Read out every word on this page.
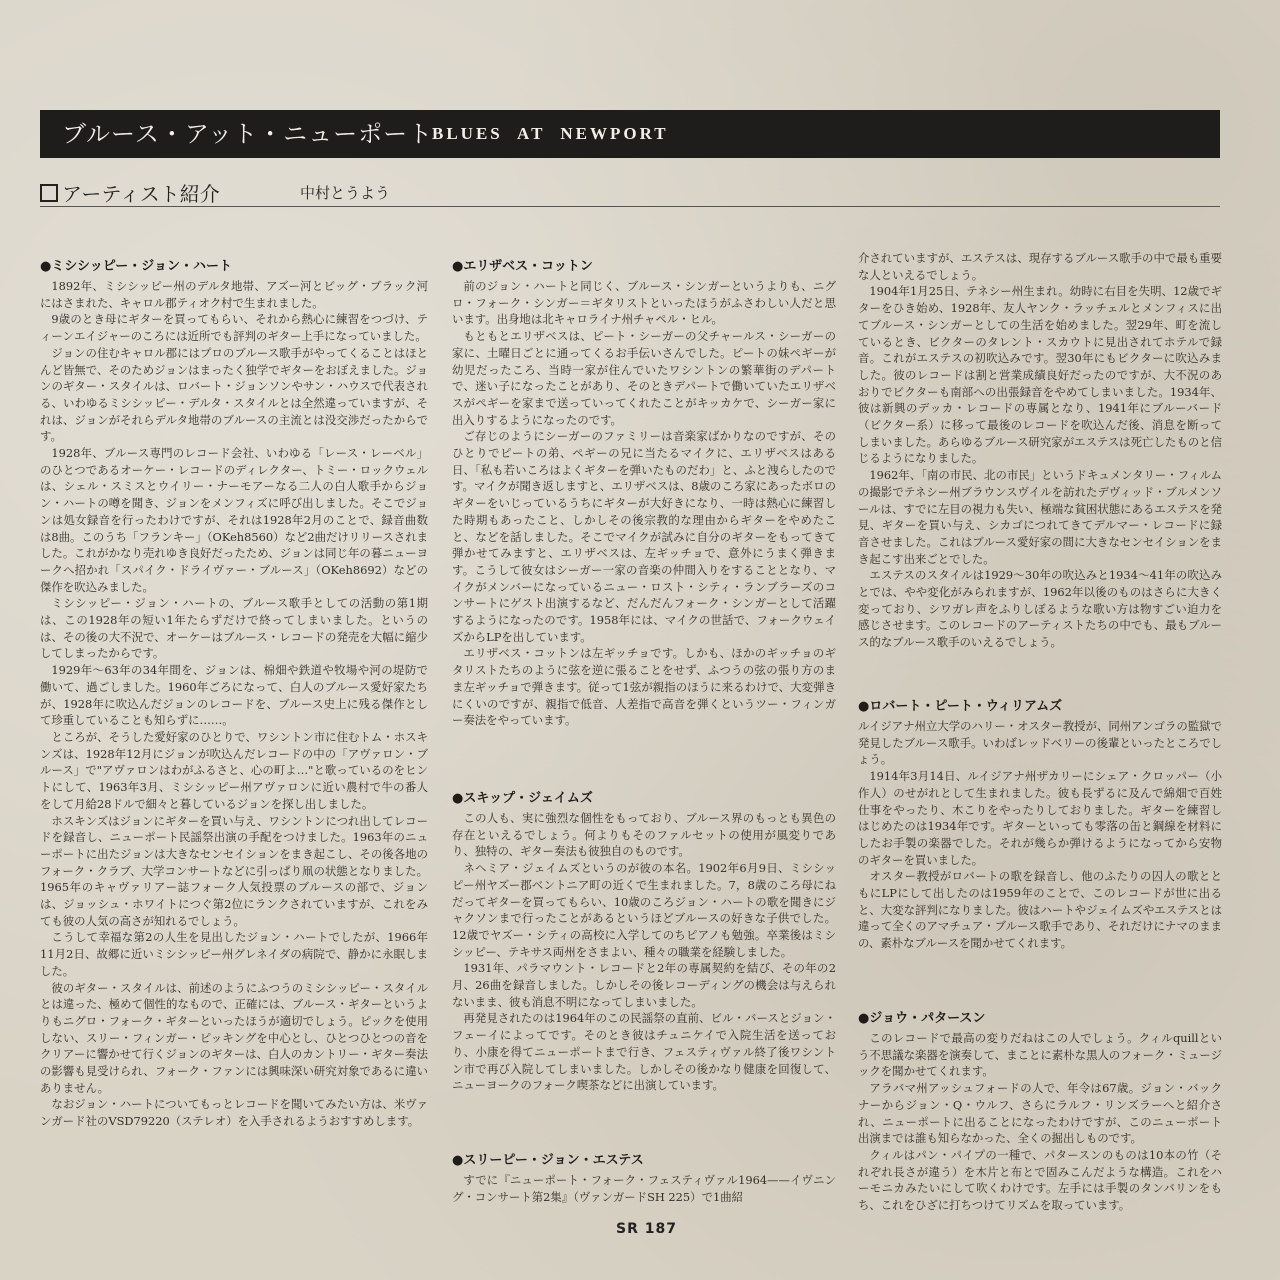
ブルース・アット・ニューポート
BLUES AT NEWPORT
アーティスト紹介	中村とうよう
●ミシシッピー・ジョン・ハート

1892年、ミシシッピー州のデルタ地帯、アズー河とビッグ・ブラック河にはさまれた、キャロル郡ティオク村で生まれました。

9歳のとき母にギターを買ってもらい、それから熱心に練習をつづけ、ティーンエイジャーのころには近所でも評判のギター上手になっていました。

ジョンの住むキャロル郡にはプロのブルース歌手がやってくることはほとんど皆無で、そのためジョンはまったく独学でギターをおぼえました。ジョンのギター・スタイルは、ロバート・ジョンソンやサン・ハウスで代表される、いわゆるミシシッピー・デルタ・スタイルとは全然違っていますが、それは、ジョンがそれらデルタ地帯のブルースの主流とは没交渉だったからです。

1928年、ブルース専門のレコード会社、いわゆる「レース・レーベル」のひとつであるオーケー・レコードのディレクター、トミー・ロックウェルは、シェル・スミスとウイリー・ナーモアーなる二人の白人歌手からジョン・ハートの噂を聞き、ジョンをメンフィズに呼び出しました。そこでジョンは処女録音を行ったわけですが、それは1928年2月のことで、録音曲数は8曲。このうち「フランキー」（OKeh8560）など2曲だけリリースされました。これがかなり売れゆき良好だったため、ジョンは同じ年の暮ニューヨークへ招かれ「スパイク・ドライヴァー・ブルース」（OKeh8692）などの傑作を吹込みました。

ミシシッピー・ジョン・ハートの、ブルース歌手としての活動の第1期は、この1928年の短い1年たらずだけで終ってしまいました。というのは、その後の大不況で、オーケーはブルース・レコードの発売を大幅に縮少してしまったからです。

1929年～63年の34年間を、ジョンは、棉畑や鉄道や牧場や河の堤防で働いて、過ごしました。1960年ごろになって、白人のブルース愛好家たちが、1928年に吹込んだジョンのレコードを、ブルース史上に残る傑作として珍重していることも知らずに……。

ところが、そうした愛好家のひとりで、ワシントン市に住むトム・ホスキンズは、1928年12月にジョンが吹込んだレコードの中の「アヴァロン・ブルース」で"アヴァロンはわがふるさと、心の町よ…"と歌っているのをヒントにして、1963年3月、ミシシッピー州アヴァロンに近い農村で牛の番人をして月給28ドルで細々と暮しているジョンを探し出しました。

ホスキンズはジョンにギターを買い与え、ワシントンにつれ出してレコードを録音し、ニューポート民謡祭出演の手配をつけました。1963年のニューポートに出たジョンは大きなセンセイションをまき起こし、その後各地のフォーク・クラブ、大学コンサートなどに引っぱり凧の状態となりました。1965年のキャヴァリアー誌フォーク人気投票のブルースの部で、ジョンは、ジョッシュ・ホワイトにつぐ第2位にランクされていますが、これをみても彼の人気の高さが知れるでしょう。

こうして幸福な第2の人生を見出したジョン・ハートでしたが、1966年11月2日、故郷に近いミシシッピー州グレネイダの病院で、静かに永眠しました。

彼のギター・スタイルは、前述のようにふつうのミシシッピー・スタイルとは違った、極めて個性的なもので、正確には、ブルース・ギターというよりもニグロ・フォーク・ギターといったほうが適切でしょう。ピックを使用しない、スリー・フィンガー・ピッキングを中心とし、ひとつひとつの音をクリアーに響かせて行くジョンのギターは、白人のカントリー・ギター奏法の影響も見受けられ、フォーク・ファンには興味深い研究対象であるに違いありません。

なおジョン・ハートについてもっとレコードを聞いてみたい方は、米ヴァンガード社のVSD79220（ステレオ）を入手されるようおすすめします。

●エリザベス・コットン

前のジョン・ハートと同じく、ブルース・シンガーというよりも、ニグロ・フォーク・シンガー＝ギタリストといったほうがふさわしい人だと思います。出身地は北キャロライナ州チャペル・ヒル。

もともとエリザベスは、ピート・シーガーの父チャールス・シーガーの家に、土曜日ごとに通ってくるお手伝いさんでした。ピートの妹ペギーが幼児だったころ、当時一家が住んでいたワシントンの繁華街のデパートで、迷い子になったことがあり、そのときデパートで働いていたエリザベスがペギーを家まで送っていってくれたことがキッカケで、シーガー家に出入りするようになったのです。

ご存じのようにシーガーのファミリーは音楽家ばかりなのですが、そのひとりでピートの弟、ペギーの兄に当たるマイクに、エリザベスはある日、「私も若いころはよくギターを弾いたものだわ」と、ふと洩らしたのです。マイクが聞き返しますと、エリザベスは、8歳のころ家にあったボロのギターをいじっているうちにギターが大好きになり、一時は熱心に練習した時期もあったこと、しかしその後宗教的な理由からギターをやめたこと、などを話しました。そこでマイクが試みに自分のギターをもってきて弾かせてみますと、エリザベスは、左ギッチョで、意外にうまく弾きます。こうして彼女はシーガー一家の音楽の仲間入りをすることとなり、マイクがメンバーになっているニュー・ロスト・シティ・ランブラーズのコンサートにゲスト出演するなど、だんだんフォーク・シンガーとして活躍するようになったのです。1958年には、マイクの世話で、フォークウェイズからLPを出しています。

エリザベス・コットンは左ギッチョです。しかも、ほかのギッチョのギタリストたちのように弦を逆に張ることをせず、ふつうの弦の張り方のまま左ギッチョで弾きます。従って1弦が親指のほうに来るわけで、大変弾きにくいのですが、親指で低音、人差指で高音を弾くというツー・フィンガー奏法をやっています。

●スキップ・ジェイムズ

この人も、実に強烈な個性をもっており、ブルース界のもっとも異色の存在といえるでしょう。何よりもそのファルセットの使用が風変りであり、独特の、ギター奏法も彼独自のものです。

ネヘミア・ジェイムズというのが彼の本名。1902年6月9日、ミシシッピー州ヤズー郡ベントニア町の近くで生まれました。7，8歳のころ母にねだってギターを買ってもらい、10歳のころジョン・ハートの歌を聞きにジャクソンまで行ったことがあるというほどブルースの好きな子供でした。12歳でヤズー・シティの高校に入学してのちピアノも勉強。卒業後はミシシッピー、テキサス両州をさまよい、種々の職業を経験しました。

1931年、パラマウント・レコードと2年の専属契約を結び、その年の2月、26曲を録音しました。しかしその後レコーディングの機会は与えられないまま、彼も消息不明になってしまいました。

再発見されたのは1964年のこの民謡祭の直前、ビル・バースとジョン・フェーイによってです。そのとき彼はチュニケイで入院生活を送っており、小康を得てニューポートまで行き、フェスティヴァル終了後ワシントン市で再び入院してしまいました。しかしその後かなり健康を回復して、ニューヨークのフォーク喫茶などに出演しています。

●スリーピー・ジョン・エステス

すでに『ニューポート・フォーク・フェスティヴァル1964——イヴニング・コンサート第2集』（ヴァンガードSH 225）で1曲紹

介されていますが、エステスは、現存するブルース歌手の中で最も重要な人といえるでしょう。

1904年1月25日、テネシー州生まれ。幼時に右目を失明、12歳でギターをひき始め、1928年、友人ヤンク・ラッチェルとメンフィスに出てブルース・シンガーとしての生活を始めました。翌29年、町を流しているとき、ビクターのタレント・スカウトに見出されてホテルで録音。これがエステスの初吹込みです。翌30年にもビクターに吹込みました。彼のレコードは割と営業成績良好だったのですが、大不況のあおりでビクターも南部への出張録音をやめてしまいました。1934年、彼は新興のデッカ・レコードの専属となり、1941年にブルーバード（ビクター系）に移って最後のレコードを吹込んだ後、消息を断ってしまいました。あらゆるブルース研究家がエステスは死亡したものと信じるようになりました。

1962年、「南の市民、北の市民」というドキュメンタリー・フィルムの撮影でテネシー州ブラウンスヴイルを訪れたデヴィッド・ブルメンソールは、すでに左目の視力も失い、極端な貧困状態にあるエステスを発見、ギターを買い与え、シカゴにつれてきてデルマー・レコードに録音させました。これはブルース愛好家の間に大きなセンセイションをまき起こす出来ごとでした。

エステスのスタイルは1929～30年の吹込みと1934～41年の吹込みとでは、やや変化がみられますが、1962年以後のものはさらに大きく変っており、シワガレ声をふりしぼるような歌い方は物すごい迫力を感じさせます。このレコードのアーティストたちの中でも、最もブルース的なブルース歌手のいえるでしょう。

●ロバート・ピート・ウィリアムズ

ルイジアナ州立大学のハリー・オスター教授が、同州アンゴラの監獄で発見したブルース歌手。いわばレッドベリーの後輩といったところでしょう。

1914年3月14日、ルイジアナ州ザカリーにシェア・クロッパー（小作人）のせがれとして生まれました。彼も長ずるに及んで綿畑で百姓仕事をやったり、木こりをやったりしておりました。ギターを練習しはじめたのは1934年です。ギターといっても零落の缶と鋼線を材料にしたお手製の楽器でした。それが幾らか弾けるようになってから安物のギターを買いました。

オスター教授がロバートの歌を録音し、他のふたりの囚人の歌とともにLPにして出したのは1959年のことで、このレコードが世に出ると、大変な評判になりました。彼はハートやジェイムズやエステスとは違って全くのアマチュア・ブルース歌手であり、それだけにナマのままの、素朴なブルースを聞かせてくれます。

●ジョウ・パタースン

このレコードで最高の変りだねはこの人でしょう。クィルquillという不思議な楽器を演奏して、まことに素朴な黒人のフォーク・ミュージックを聞かせてくれます。

アラバマ州アッシュフォードの人で、年令は67歳。ジョン・バックナーからジョン・Q・ウルフ、さらにラルフ・リンズラーへと紹介され、ニューポートに出ることになったわけですが、このニューポート出演までは誰も知らなかった、全くの掘出しものです。

クィルはパン・パイプの一種で、パタースンのものは10本の竹（それぞれ長さが違う）を木片と布とで固みこんだような構造。これをハーモニカみたいにして吹くわけです。左手には手製のタンバリンをもち、これをひざに打ちつけてリズムを取っています。

SR 187
